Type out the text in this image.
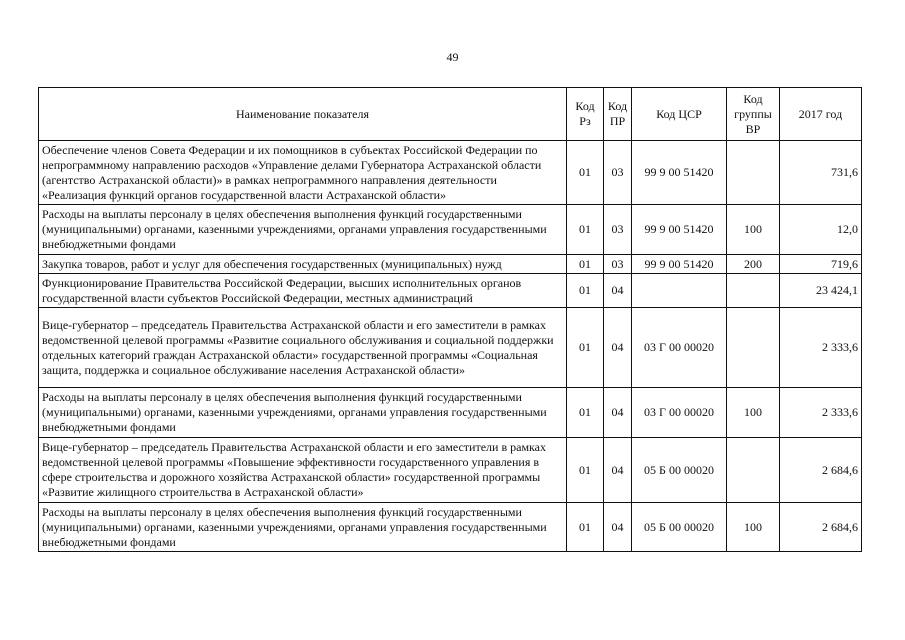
49
Наименование показателя	Код Рз	Код ПР	Код ЦСР	Код группы ВР	2017 год
Обеспечение членов Совета Федерации и их помощников в субъектах Российской Федерации по непрограммному направлению расходов «Управление делами Губернатора Астраханской области (агентство Астраханской области)» в рамках непрограммного направления деятельности «Реализация функций органов государственной власти Астраханской области»	01	03	99 9 00 51420		731,6
Расходы на выплаты персоналу в целях обеспечения выполнения функций государственными (муниципальными) органами, казенными учреждениями, органами управления государственными внебюджетными фондами	01	03	99 9 00 51420	100	12,0
Закупка товаров, работ и услуг для обеспечения государственных (муниципальных) нужд	01	03	99 9 00 51420	200	719,6
Функционирование Правительства Российской Федерации, высших исполнительных органов государственной власти субъектов Российской Федерации, местных администраций	01	04			23 424,1
Вице-губернатор – председатель Правительства Астраханской области и его заместители в рамках ведомственной целевой программы «Развитие социального обслуживания и социальной поддержки отдельных категорий граждан Астраханской области» государственной программы «Социальная защита, поддержка и социальное обслуживание населения Астраханской области»	01	04	03 Г 00 00020		2 333,6
Расходы на выплаты персоналу в целях обеспечения выполнения функций государственными (муниципальными) органами, казенными учреждениями, органами управления государственными внебюджетными фондами	01	04	03 Г 00 00020	100	2 333,6
Вице-губернатор – председатель Правительства Астраханской области и его заместители в рамках ведомственной целевой программы «Повышение эффективности государственного управления в сфере строительства и дорожного хозяйства Астраханской области» государственной программы «Развитие жилищного строительства в Астраханской области»	01	04	05 Б 00 00020		2 684,6
Расходы на выплаты персоналу в целях обеспечения выполнения функций государственными (муниципальными) органами, казенными учреждениями, органами управления государственными внебюджетными фондами	01	04	05 Б 00 00020	100	2 684,6
